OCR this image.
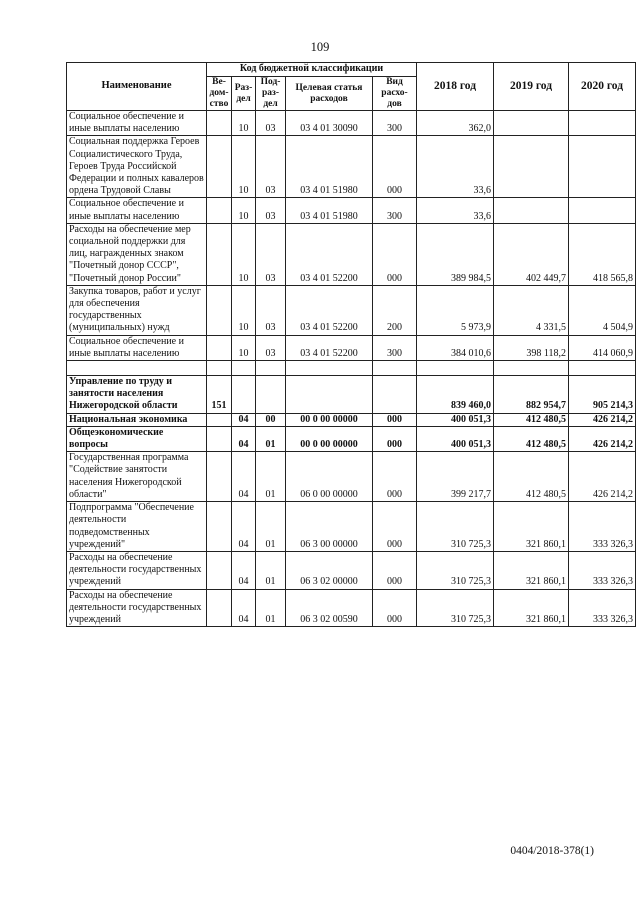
109
Наименование	Код бюджетной классификации					2018 год	2019 год	2020 год
	Ве-дом-ство	Раз-дел	Под-раз-дел	Целевая статья расходов	Вид расхо-дов			
Социальное обеспечение и иные выплаты населению		10	03	03 4 01 30090	300	362,0		
Социальная поддержка Героев Социалистического Труда, Героев Труда Российской Федерации и полных кавалеров ордена Трудовой Славы		10	03	03 4 01 51980	000	33,6		
Социальное обеспечение и иные выплаты населению		10	03	03 4 01 51980	300	33,6		
Расходы на обеспечение мер социальной поддержки для лиц, награжденных знаком "Почетный донор СССР", "Почетный донор России"		10	03	03 4 01 52200	000	389 984,5	402 449,7	418 565,8
Закупка товаров, работ и услуг для обеспечения государственных (муниципальных) нужд		10	03	03 4 01 52200	200	5 973,9	4 331,5	4 504,9
Социальное обеспечение и иные выплаты населению		10	03	03 4 01 52200	300	384 010,6	398 118,2	414 060,9

Управление по труду и занятости населения Нижегородской области	151					839 460,0	882 954,7	905 214,3
Национальная экономика		04	00	00 0 00 00000	000	400 051,3	412 480,5	426 214,2
Общеэкономические вопросы		04	01	00 0 00 00000	000	400 051,3	412 480,5	426 214,2
Государственная программа "Содействие занятости населения Нижегородской области"		04	01	06 0 00 00000	000	399 217,7	412 480,5	426 214,2
Подпрограмма "Обеспечение деятельности подведомственных учреждений"		04	01	06 3 00 00000	000	310 725,3	321 860,1	333 326,3
Расходы на обеспечение деятельности государственных учреждений		04	01	06 3 02 00000	000	310 725,3	321 860,1	333 326,3
Расходы на обеспечение деятельности государственных учреждений		04	01	06 3 02 00590	000	310 725,3	321 860,1	333 326,3
0404/2018-378(1)
